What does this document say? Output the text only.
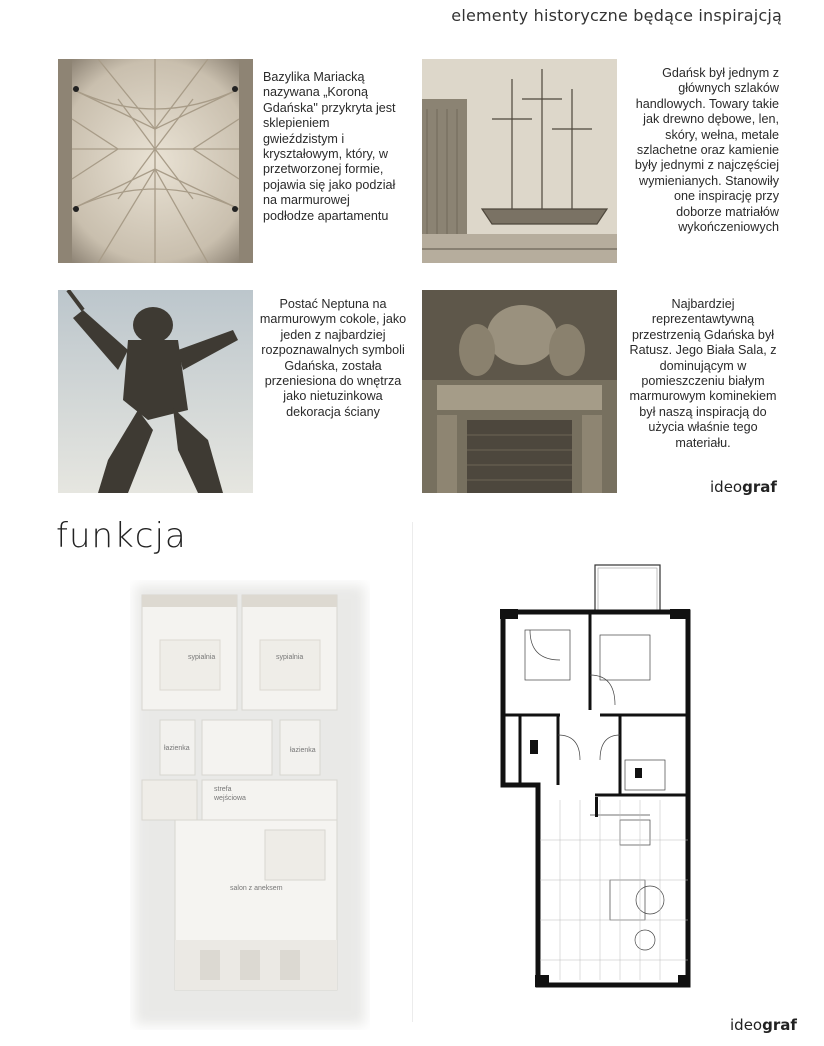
elementy historyczne będące inspirajcją
Bazylika Mariacką nazywana „Koroną Gdańska" przykryta jest sklepieniem gwieździstym i kryształowym, który, w przetworzonej formie, pojawia się jako podział na marmurowej podłodze apartamentu
Gdańsk był jednym z głównych szlaków handlowych. Towary takie jak drewno dębowe, len, skóry, wełna, metale szlachetne oraz kamienie były jednymi z najczęściej wymienianych. Stanowiły one inspirację przy doborze matriałów wykończeniowych
Postać Neptuna na marmurowym cokole, jako jeden z najbardziej rozpoznawalnych symboli Gdańska, została przeniesiona do wnętrza jako nietuzinkowa dekoracja ściany
Najbardziej reprezentawtywną przestrzenią Gdańska był Ratusz. Jego Biała Sala, z dominującym w pomieszczeniu białym marmurowym kominekiem był naszą inspiracją do użycia właśnie tego materiału.
ideograf
funkcja
sypialnia	sypialnia
łazienka	łazienka
strefa
wejściowa
salon z aneksem
ideograf
